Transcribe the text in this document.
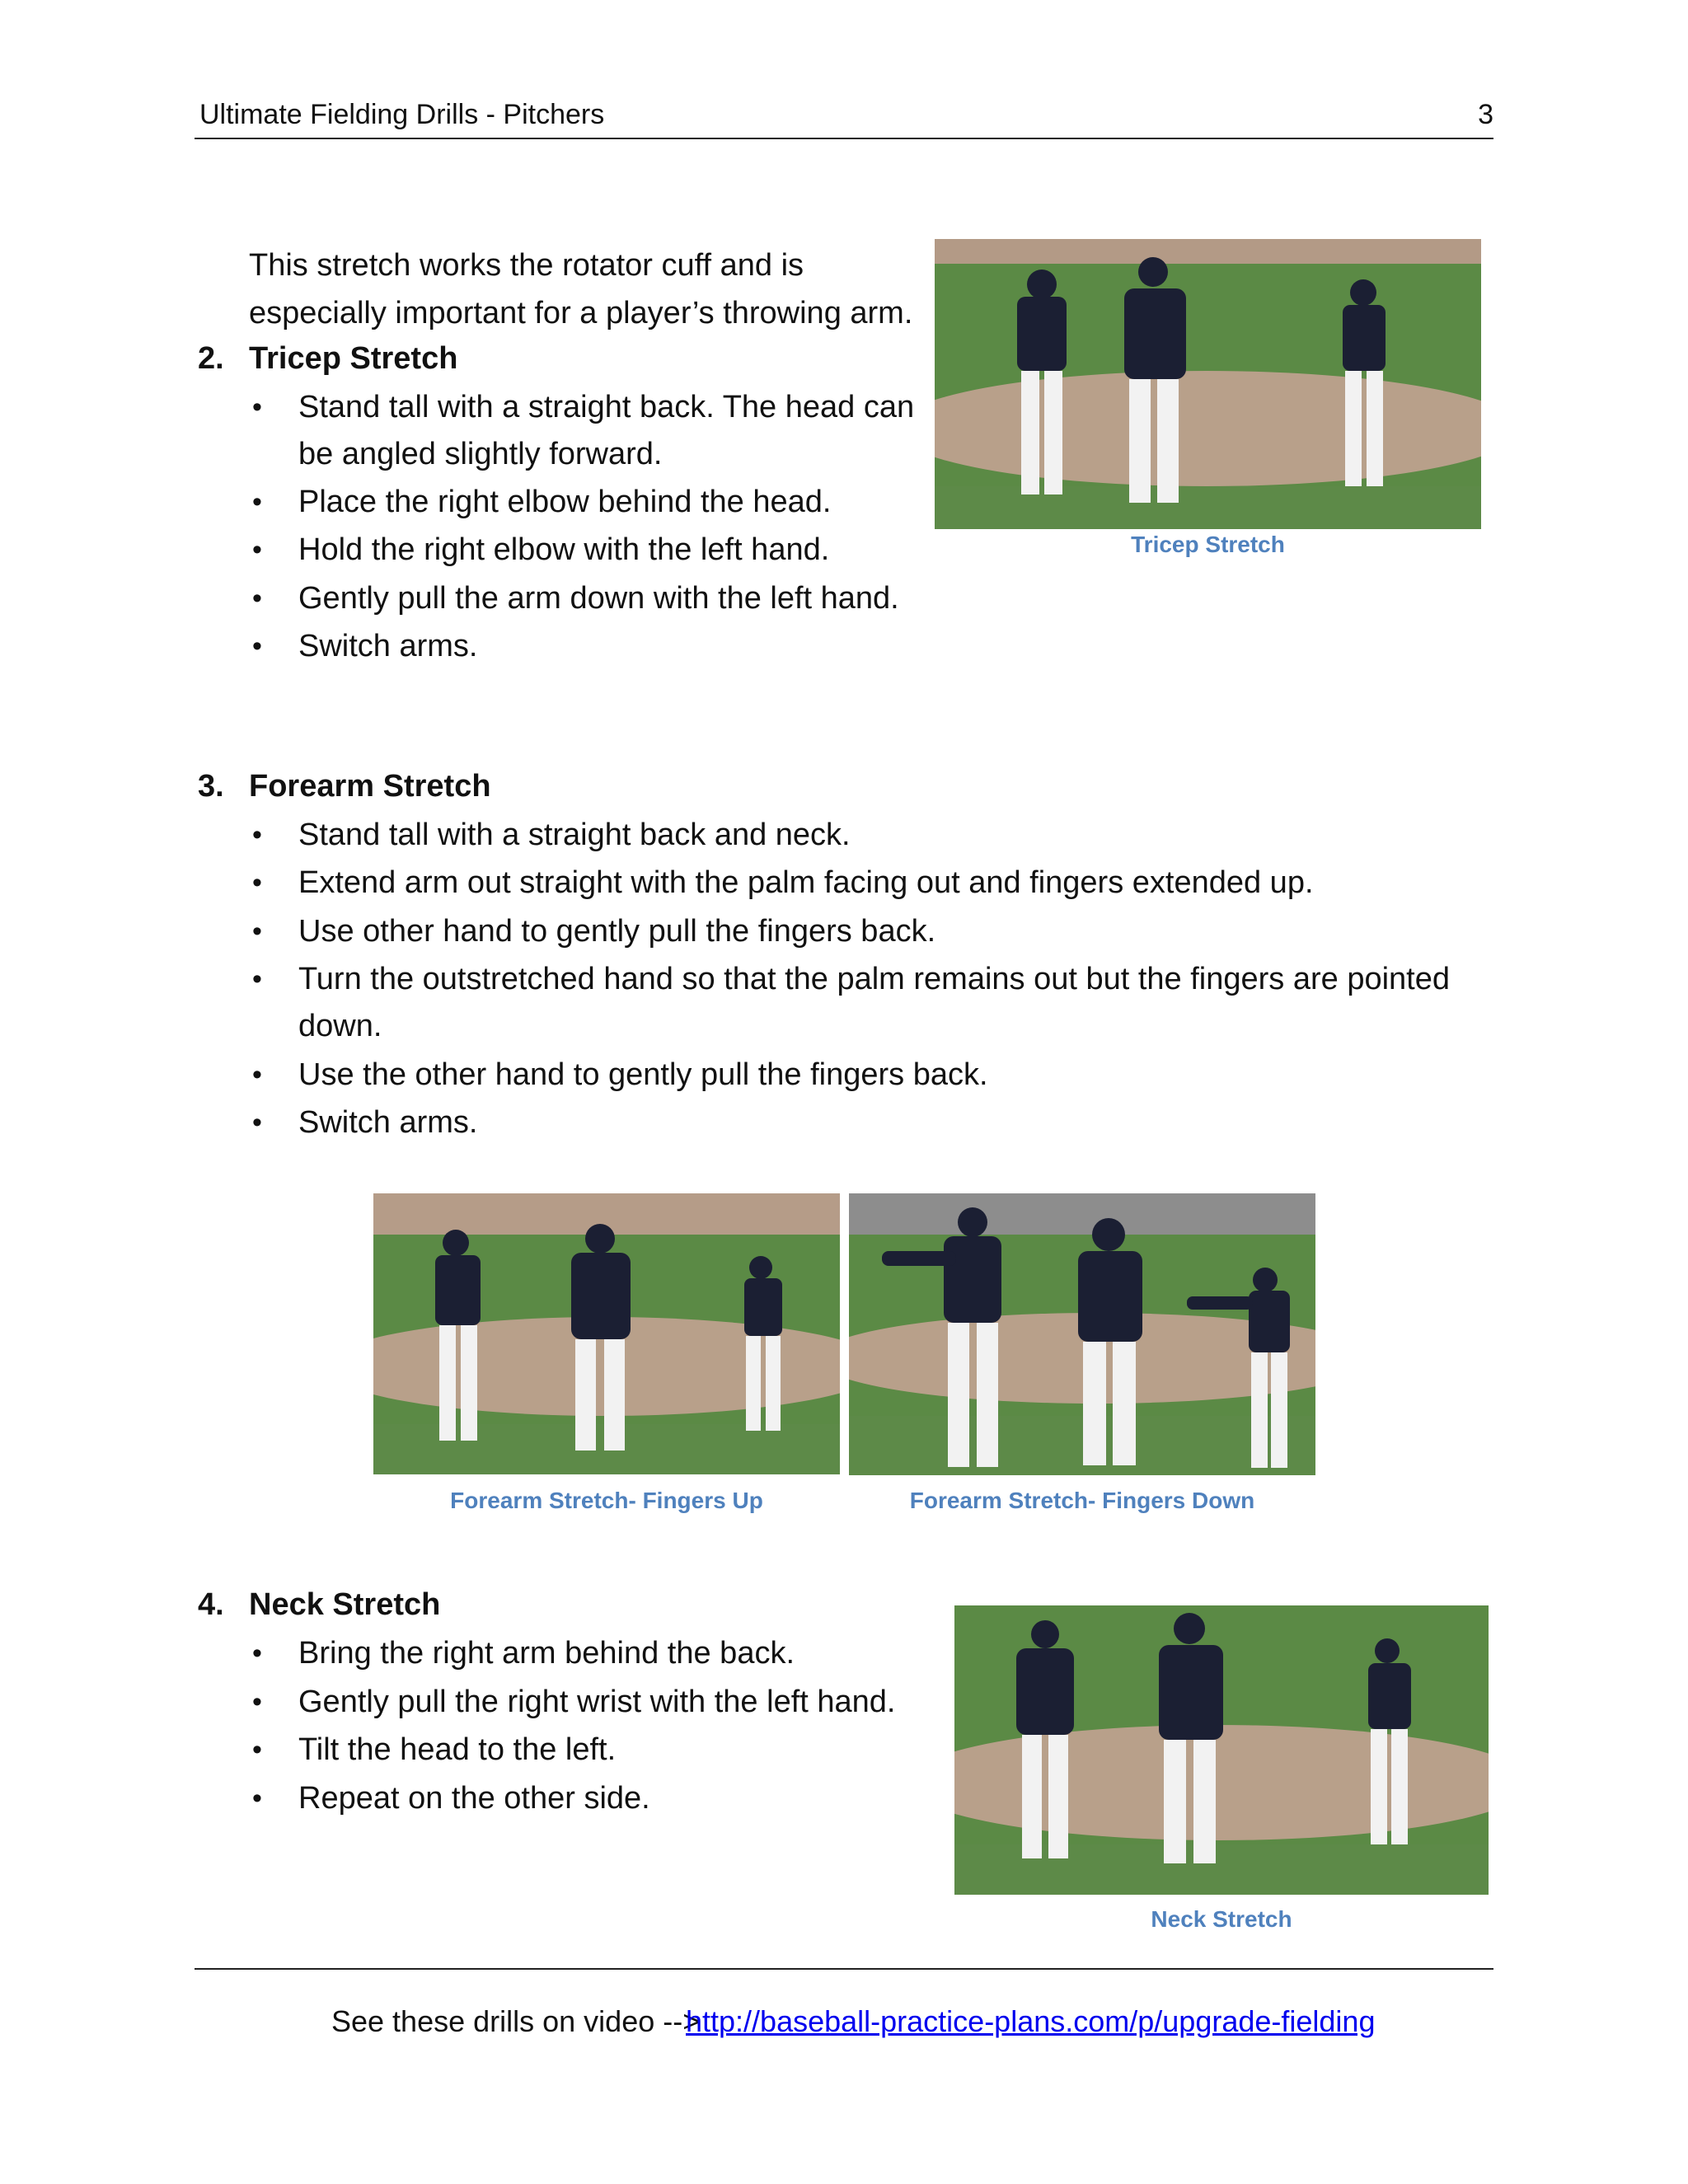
Ultimate Fielding Drills - Pitchers	3
This stretch works the rotator cuff and is
especially important for a player’s throwing arm.
2. Tricep Stretch
• Stand tall with a straight back. The head can
be angled slightly forward.
• Place the right elbow behind the head.
• Hold the right elbow with the left hand.
• Gently pull the arm down with the left hand.
• Switch arms.
Tricep Stretch
3. Forearm Stretch
• Stand tall with a straight back and neck.
• Extend arm out straight with the palm facing out and fingers extended up.
• Use other hand to gently pull the fingers back.
• Turn the outstretched hand so that the palm remains out but the fingers are pointed
down.
• Use the other hand to gently pull the fingers back.
• Switch arms.
Forearm Stretch- Fingers Up	Forearm Stretch- Fingers Down
4. Neck Stretch
• Bring the right arm behind the back.
• Gently pull the right wrist with the left hand.
• Tilt the head to the left.
• Repeat on the other side.
Neck Stretch
See these drills on video -->
http://baseball-practice-plans.com/p/upgrade-fielding
